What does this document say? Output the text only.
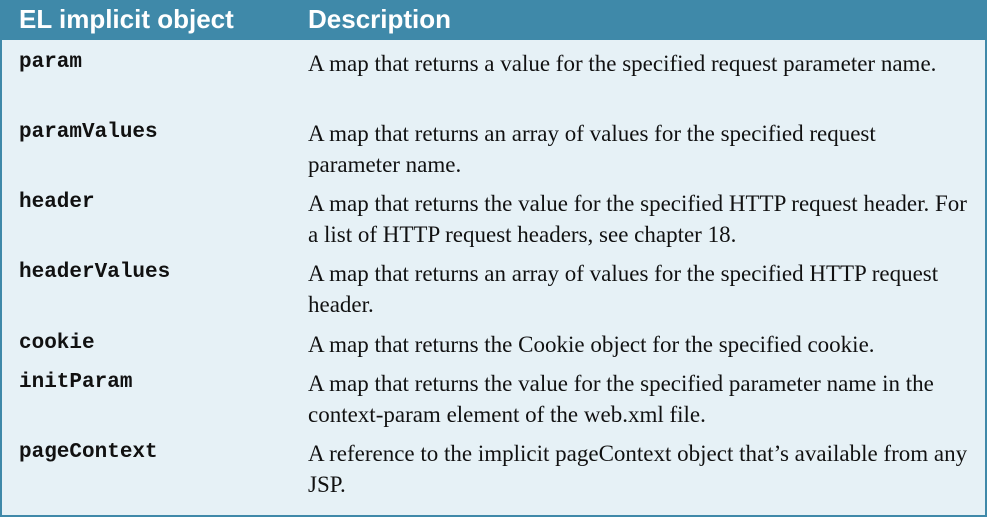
EL implicit object	Description
param	A map that returns a value for the specified request parameter name.
paramValues	A map that returns an array of values for the specified request parameter name.
header	A map that returns the value for the specified HTTP request header. For a list of HTTP request headers, see chapter 18.
headerValues	A map that returns an array of values for the specified HTTP request header.
cookie	A map that returns the Cookie object for the specified cookie.
initParam	A map that returns the value for the specified parameter name in the context-param element of the web.xml file.
pageContext	A reference to the implicit pageContext object that’s available from any JSP.
